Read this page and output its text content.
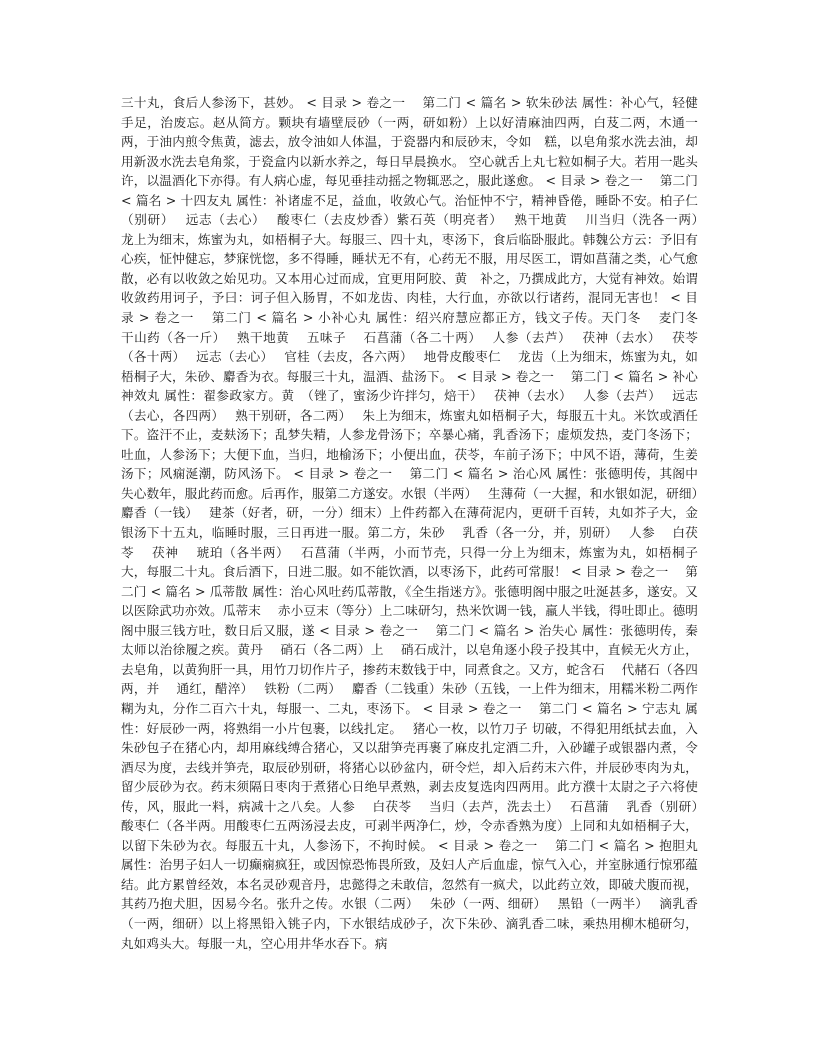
三十丸，食后人参汤下，甚妙。 < 目录 > 卷之一　 第二门 < 篇名 > 软朱砂法 属性：补心气，轻健手足，治废忘。赵从简方。颗块有墙壁辰砂（一两，研如粉）上以好清麻油四两，白芨二两，木通一两，于油内煎令焦黄，滤去，放令油如人体温，于瓷器内和辰砂末，令如　糕，以皂角浆水洗去油，却用新汲水洗去皂角浆，于瓷盒内以新水养之，每日早晨换水。 空心就舌上丸七粒如桐子大。若用一匙头许，以温酒化下亦得。有人病心虚，每见垂挂动摇之物辄恶之，服此遂愈。 < 目录 > 卷之一　 第二门 < 篇名 > 十四友丸 属性：补诸虚不足，益血，收敛心气。治怔忡不宁，精神昏倦，睡卧不安。柏子仁（别研）　 远志（去心）　 酸枣仁（去皮炒香）紫石英（明亮者）　 熟干地黄　 川当归（洗各一两）　 龙上为细末，炼蜜为丸，如梧桐子大。每服三、四十丸，枣汤下，食后临卧服此。韩魏公方云：予旧有心疾，怔忡健忘，梦寐恍惚，多不得睡，睡状无不有，心药无不服，用尽医工，谓如菖蒲之类，心气愈散，必有以收敛之始见功。又本用心过而成，宜更用阿胶、黄　补之，乃撰成此方，大觉有神效。始谓收敛药用诃子，予曰：诃子但入肠胃，不如龙齿、肉桂，大行血，亦欲以行诸药，混同无害也！ < 目录 > 卷之一　 第二门 < 篇名 > 小补心丸 属性：绍兴府慧应都正方，钱文子传。天门冬　 麦门冬　 干山药（各一斤）　 熟干地黄　 五味子　 石菖蒲（各二十两）　 人参（去芦）　 茯神（去水）　 茯苓（各十两）　 远志（去心）　 官桂（去皮，各六两）　 地骨皮酸枣仁　 龙齿（上为细末，炼蜜为丸，如梧桐子大，朱砂、麝香为衣。每服三十丸，温酒、盐汤下。 < 目录 > 卷之一　 第二门 < 篇名 > 补心神效丸 属性：翟参政家方。黄　（锉了，蜜汤少许拌匀，焙干）　 茯神（去水）　 人参（去芦）　 远志（去心，各四两）　 熟干别研，各二两）　 朱上为细末，炼蜜丸如梧桐子大，每服五十丸。米饮或酒任下。盗汗不止，麦麸汤下；乱梦失精，人参龙骨汤下；卒暴心痛，乳香汤下；虚烦发热，麦门冬汤下；吐血，人参汤下；大便下血，当归，地榆汤下；小便出血，茯苓，车前子汤下；中风不语，薄荷，生姜汤下；风痫涎潮，防风汤下。 < 目录 > 卷之一　 第二门 < 篇名 > 治心风 属性：张德明传，其阁中失心数年，服此药而愈。后再作，服第二方遂安。水银（半两）　 生薄荷（一大握，和水银如泥，研细）　 麝香（一钱）　 建茶（好者，研，一分）细末）上件药都入在薄荷泥内，更研千百转，丸如芥子大，金银汤下十五丸，临睡时服，三日再进一服。第二方，朱砂　 乳香（各一分，并，别研）　 人参　 白茯苓　 茯神　 琥珀（各半两）　 石菖蒲（半两，小而节壳，只得一分上为细末，炼蜜为丸，如梧桐子大，每服二十丸。食后酒下，日进二服。如不能饮酒，以枣汤下，此药可常服！ < 目录 > 卷之一　 第二门 < 篇名 > 瓜蒂散 属性：治心风吐药瓜蒂散，《全生指迷方》。张德明阁中服之吐涎甚多，遂安。又以医除武功亦效。瓜蒂末　 赤小豆末（等分）上二味研匀，热米饮调一钱，羸人半钱，得吐即止。德明阁中服三钱方吐，数日后又服，遂 < 目录 > 卷之一　 第二门 < 篇名 > 治失心 属性：张德明传，秦太师以治徐履之疾。黄丹　 硝石（各二两）上　 硝石成汁，以皂角逐小段子投其中，直候无火方止，去皂角，以黄狗肝一具，用竹刀切作片子，掺药末数钱于中，同煮食之。又方，蛇含石　 代赭石（各四两，并　 通红，醋淬）　 铁粉（二两）　 麝香（二钱重）朱砂（五钱，一上件为细末，用糯米粉二两作糊为丸，分作二百六十丸，每服一、二丸，枣汤下。 < 目录 > 卷之一　 第二门 < 篇名 > 宁志丸 属性：好辰砂一两，将熟绢一小片包裹，以线扎定。　 猪心一枚，以竹刀子 切破，不得犯用纸拭去血，入朱砂包子在猪心内，却用麻线缚合猪心，又以甜笋壳再裹了麻皮扎定酒二升，入砂罐子或银器内煮，令酒尽为度，去线并笋壳，取辰砂别研，将猪心以砂盆内，研令烂，却入后药末六件，并辰砂枣肉为丸，留少辰砂为衣。药末须隔日枣肉于煮猪心日绝早煮熟，剥去皮复选肉四两用。此方濮十太尉之子六将使传，风，服此一料，病减十之八矣。人参　 白茯苓　 当归（去芦，洗去土）　 石菖蒲　 乳香（别研）　 酸枣仁（各半两。用酸枣仁五两汤浸去皮，可剥半两净仁，炒，令赤香熟为度）上同和丸如梧桐子大，以留下朱砂为衣。每服五十丸，人参汤下，不拘时候。 < 目录 > 卷之一　 第二门 < 篇名 > 抱胆丸 属性：治男子妇人一切癫痫疯狂，或因惊恐怖畏所致，及妇人产后血虚，惊气入心，并室脉通行惊邪蕴结。此方累曾经效，本名灵砂观音丹，忠懿得之未敢信，忽然有一疯犬，以此药立效，即破犬腹而视，其药乃抱犬胆，因易今名。张升之传。水银（二两）　 朱砂（一两、细研）　 黑铅（一两半）　 滴乳香（一两，细研）以上将黑铅入铫子内，下水银结成砂子，次下朱砂、滴乳香二味，乘热用柳木槌研匀，丸如鸡头大。每服一丸，空心用井华水吞下。病
